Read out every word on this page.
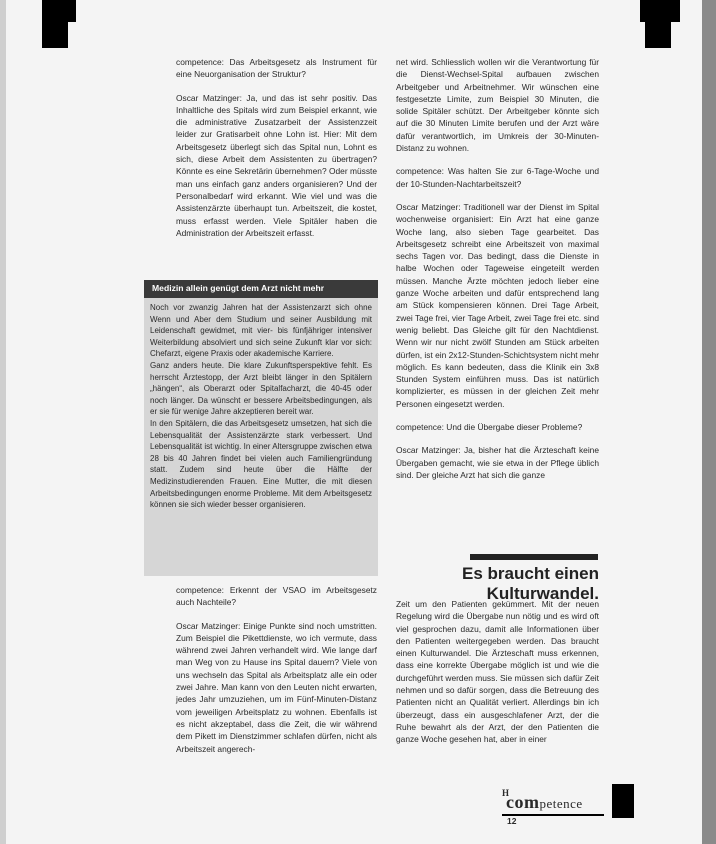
competence: Das Arbeitsgesetz als Instrument für eine Neuorganisation der Struktur?

Oscar Matzinger: Ja, und das ist sehr positiv. Das Inhaltliche des Spitals wird zum Beispiel erkannt, wie die administrative Zusatzarbeit der Assistenzzeit leider zur Gratisarbeit ohne Lohn ist. Hier: Mit dem Arbeitsgesetz überlegt sich das Spital nun, Lohnt es sich, diese Arbeit dem Assistenten zu übertragen? Könnte es eine Sekretärin übernehmen? Oder müsste man uns einfach ganz anders organisieren? Und der Personalbedarf wird erkannt. Wie viel und was die Assistenzärzte überhaupt tun. Arbeitszeit, die kostet, muss erfasst werden. Viele Spitäler haben die Administration der Arbeitszeit erfasst.

Medizin allein genügt dem Arzt nicht mehr

Noch vor zwanzig Jahren hat der Assistenzarzt sich ohne Wenn und Aber dem Studium und seiner Ausbildung mit Leidenschaft gewidmet, mit vier- bis fünfjähriger intensiver Weiterbildung absolviert und sich seine Zukunft klar vor sich: Chefarzt, eigene Praxis oder akademische Karriere.

Ganz anders heute. Die klare Zukunftsperspektive fehlt. Es herrscht Ärztestopp, der Arzt bleibt länger in den Spitälern „hängen“, als Oberarzt oder Spitalfacharzt, die 40-45 oder noch länger. Da wünscht er bessere Arbeitsbedingungen, als er sie für wenige Jahre akzeptieren bereit war.

In den Spitälern, die das Arbeitsgesetz umsetzen, hat sich die Lebensqualität der Assistenzärzte stark verbessert. Und Lebensqualität ist wichtig. In einer Altersgruppe zwischen etwa 28 bis 40 Jahren findet bei vielen auch Familiengründung statt. Zudem sind heute über die Hälfte der Medizinstudierenden Frauen. Eine Mutter, die mit diesen Arbeitsbedingungen enorme Probleme. Mit dem Arbeitsgesetz können sie sich wieder besser organisieren.

competence: Erkennt der VSAO im Arbeitsgesetz auch Nachteile?

Oscar Matzinger: Einige Punkte sind noch umstritten. Zum Beispiel die Pikettdienste, wo ich vermute, dass während zwei Jahren verhandelt wird. Wie lange darf man Weg von zu Hause ins Spital dauern? Viele von uns wechseln das Spital als Arbeitsplatz alle ein oder zwei Jahre. Man kann von den Leuten nicht erwarten, jedes Jahr umzuziehen, um im Fünf-Minuten-Distanz vom jeweiligen Arbeitsplatz zu wohnen. Ebenfalls ist es nicht akzeptabel, dass die Zeit, die wir während dem Pikett im Dienstzimmer schlafen dürfen, nicht als Arbeitszeit angerech-

net wird. Schliesslich wollen wir die Verantwortung für die Dienst-Wechsel-Spital aufbauen zwischen Arbeitgeber und Arbeitnehmer. Wir wünschen eine festgesetzte Limite, zum Beispiel 30 Minuten, die solide Spitäler schützt. Der Arbeitgeber könnte sich auf die 30 Minuten Limite berufen und der Arzt wäre dafür verantwortlich, im Umkreis der 30-Minuten-Distanz zu wohnen.

competence: Was halten Sie zur 6-Tage-Woche und der 10-Stunden-Nachtarbeitszeit?

Oscar Matzinger: Traditionell war der Dienst im Spital wochenweise organisiert: Ein Arzt hat eine ganze Woche lang, also sieben Tage gearbeitet. Das Arbeitsgesetz schreibt eine Arbeitszeit von maximal sechs Tagen vor. Das bedingt, dass die Dienste in halbe Wochen oder Tageweise eingeteilt werden müssen. Manche Ärzte möchten jedoch lieber eine ganze Woche arbeiten und dafür entsprechend lang am Stück kompensieren können. Drei Tage Arbeit, zwei Tage frei, vier Tage Arbeit, zwei Tage frei etc. sind wenig beliebt. Das Gleiche gilt für den Nachtdienst. Wenn wir nur nicht zwölf Stunden am Stück arbeiten dürfen, ist ein 2x12-Stunden-Schichtsystem nicht mehr möglich. Es kann bedeuten, dass die Klinik ein 3x8 Stunden System einführen muss. Das ist natürlich komplizierter, es müssen in der gleichen Zeit mehr Personen eingesetzt werden.

competence: Und die Übergabe dieser Probleme?

Oscar Matzinger: Ja, bisher hat die Ärzteschaft keine Übergaben gemacht, wie sie etwa in der Pflege üblich sind. Der gleiche Arzt hat sich die ganze

Es braucht einen Kulturwandel.

Zeit um den Patienten gekümmert. Mit der neuen Regelung wird die Übergabe nun nötig und es wird oft viel gesprochen dazu, damit alle Informationen über den Patienten weitergegeben werden. Das braucht einen Kulturwandel. Die Ärzteschaft muss erkennen, dass eine korrekte Übergabe möglich ist und wie die durchgeführt werden muss. Sie müssen sich dafür Zeit nehmen und so dafür sorgen, dass die Betreuung des Patienten nicht an Qualität verliert. Allerdings bin ich überzeugt, dass ein ausgeschlafener Arzt, der die Ruhe bewahrt als der Arzt, der den Patienten die ganze Woche gesehen hat, aber in einer

H
competence
12
